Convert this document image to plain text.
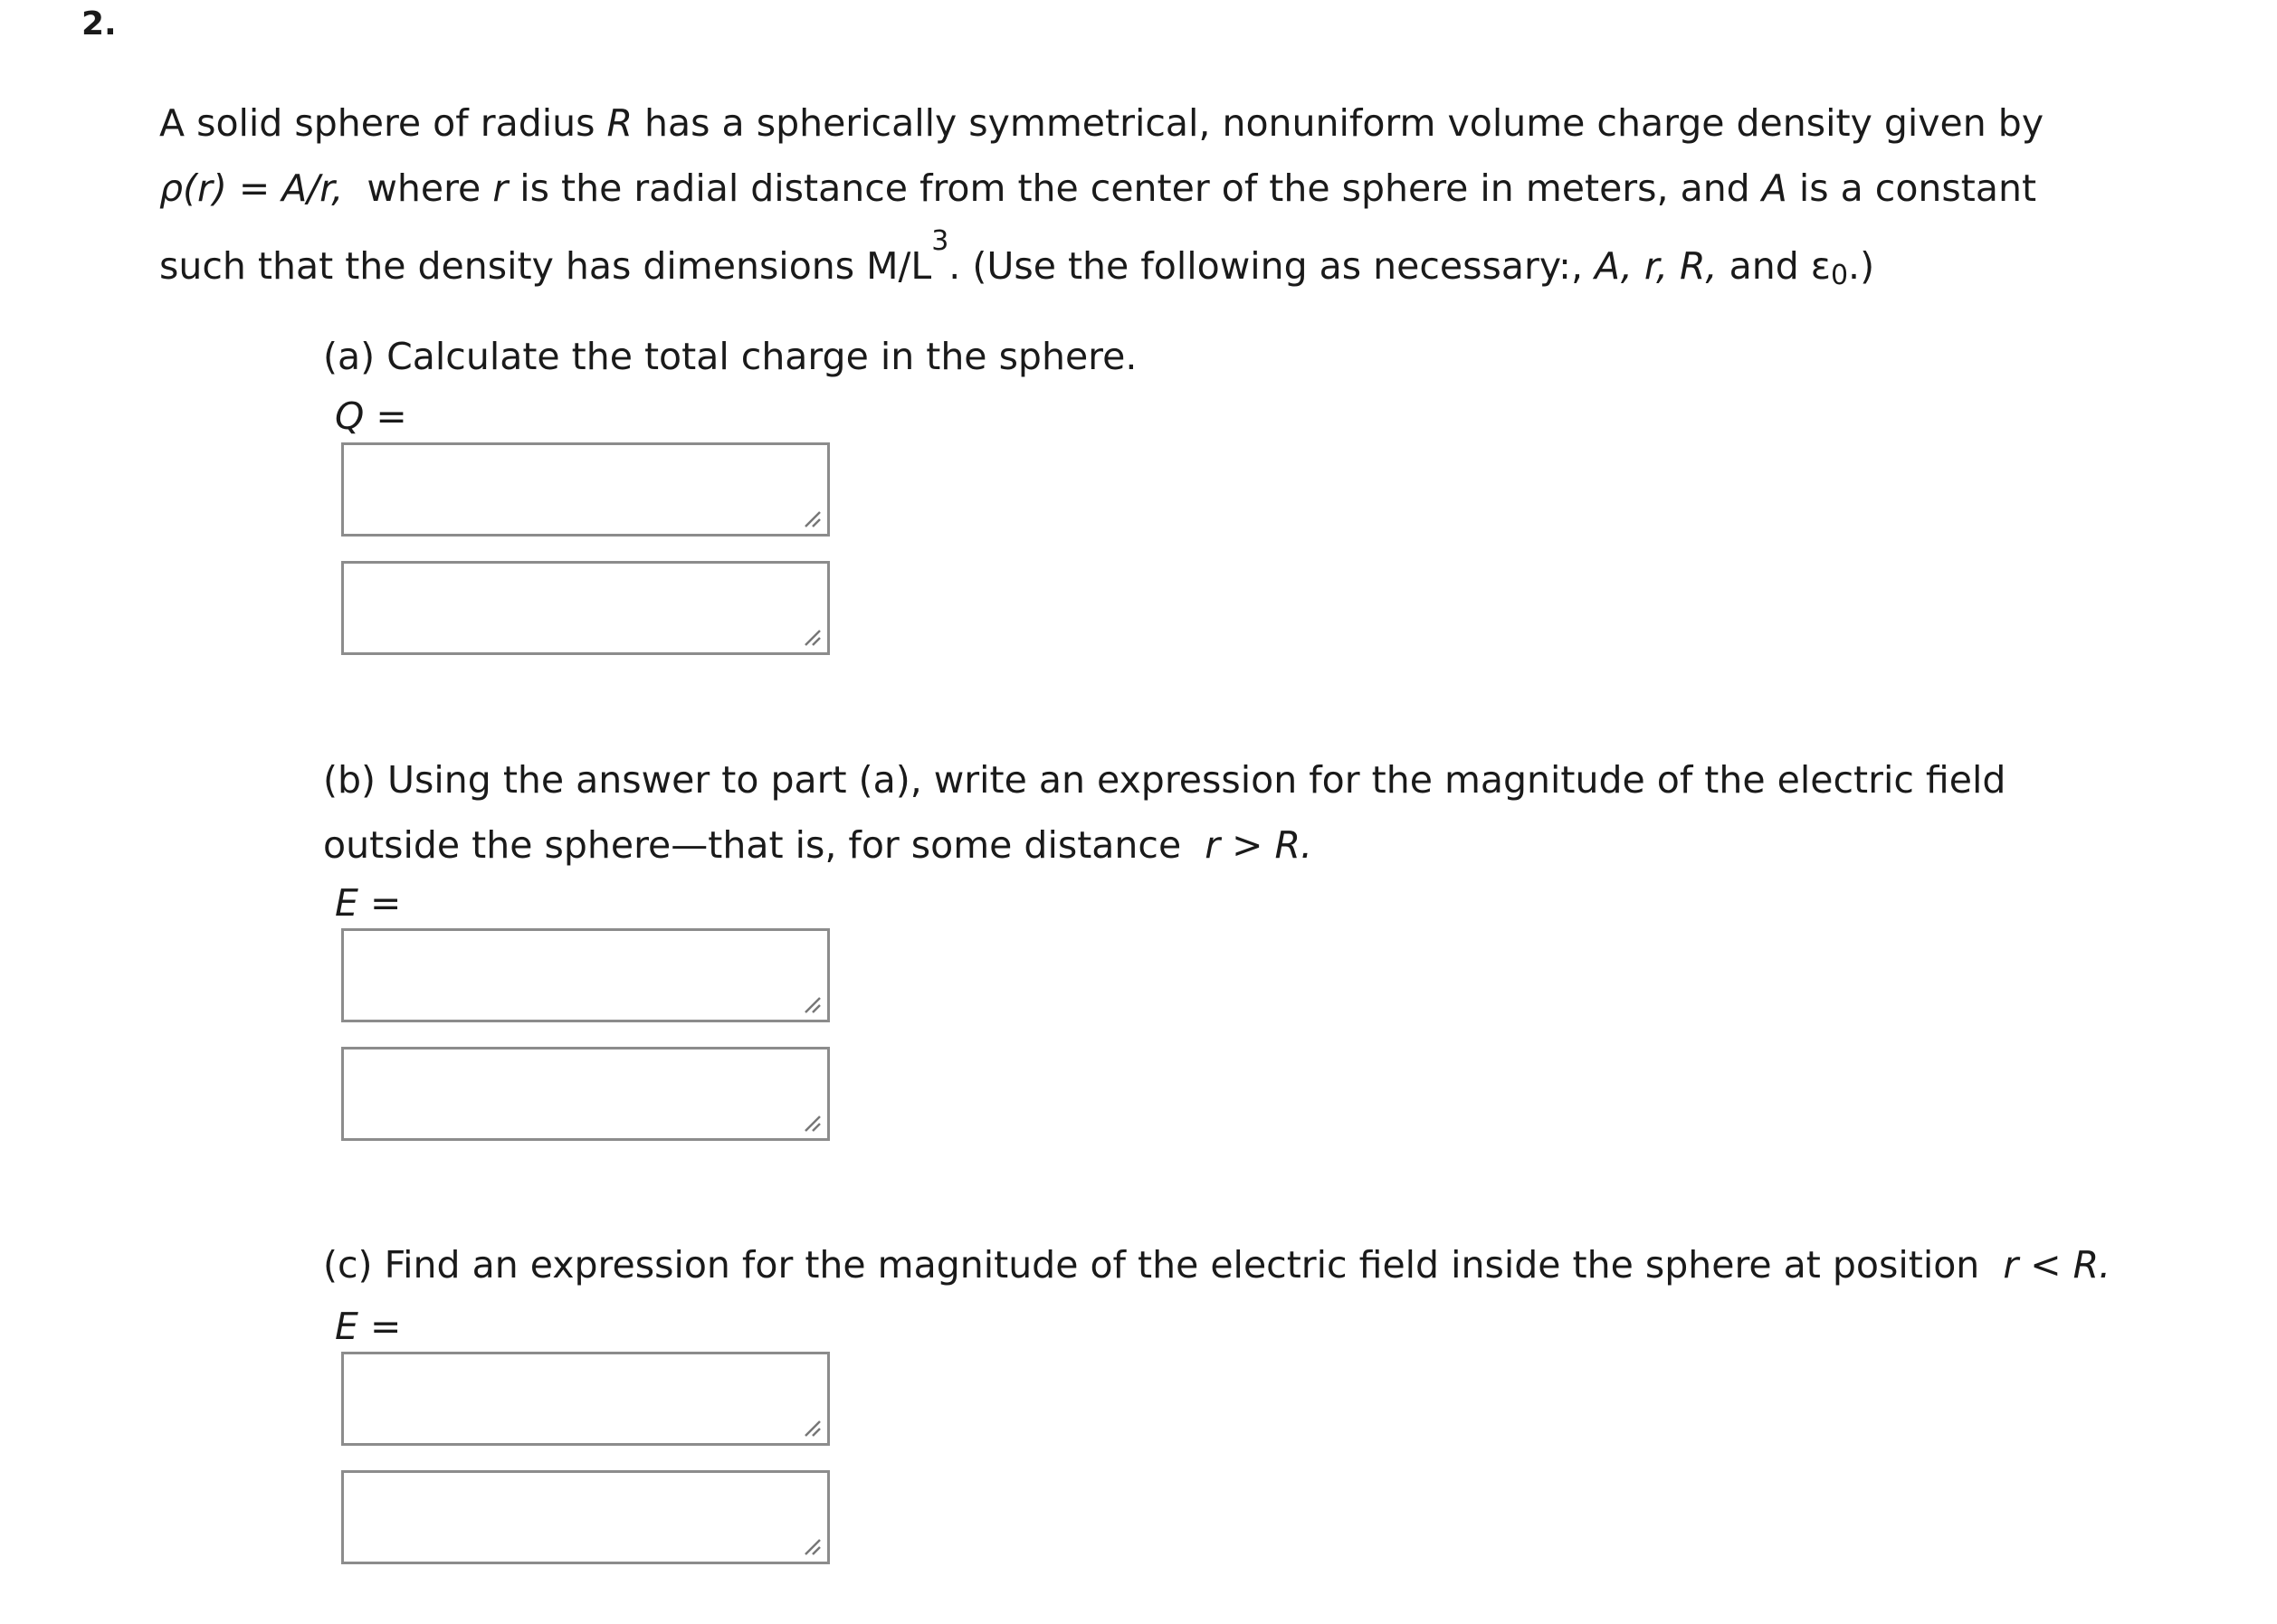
2.
A solid sphere of radius R has a spherically symmetrical, nonuniform volume charge density given by
ρ(r) = A/r,  where r is the radial distance from the center of the sphere in meters, and A is a constant
such that the density has dimensions $M/L^3$. (Use the following as necessary:, A, r, R, and $\varepsilon_0$.)
(a) Calculate the total charge in the sphere.
Q =
(b) Using the answer to part (a), write an expression for the magnitude of the electric field
outside the sphere—that is, for some distance  r > R.
E =
(c) Find an expression for the magnitude of the electric field inside the sphere at position  r < R.
E =
